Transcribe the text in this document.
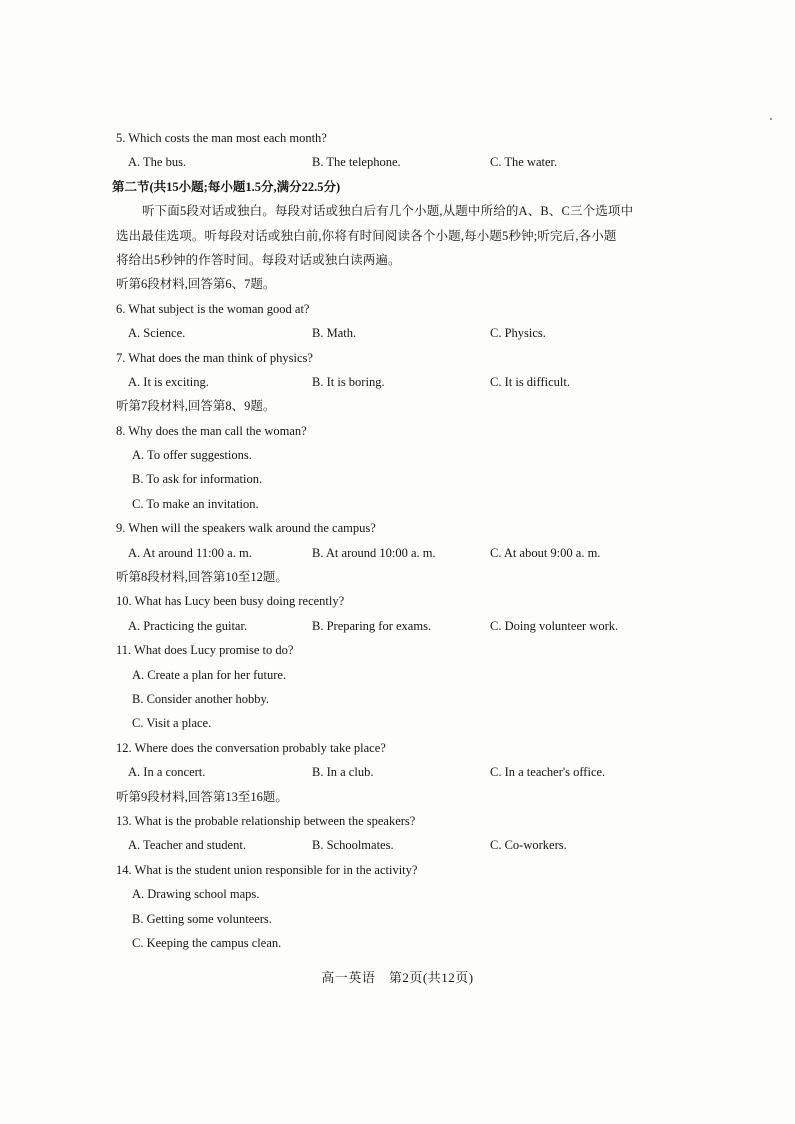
5. Which costs the man most each month?
A. The bus.	B. The telephone.	C. The water.
第二节(共15小题;每小题1.5分,满分22.5分)
听下面5段对话或独白。每段对话或独白后有几个小题,从题中所给的A、B、C三个选项中
选出最佳选项。听每段对话或独白前,你将有时间阅读各个小题,每小题5秒钟;听完后,各小题
将给出5秒钟的作答时间。每段对话或独白读两遍。
听第6段材料,回答第6、7题。
6. What subject is the woman good at?
A. Science.	B. Math.	C. Physics.
7. What does the man think of physics?
A. It is exciting.	B. It is boring.	C. It is difficult.
听第7段材料,回答第8、9题。
8. Why does the man call the woman?
A. To offer suggestions.
B. To ask for information.
C. To make an invitation.
9. When will the speakers walk around the campus?
A. At around 11:00 a. m.	B. At around 10:00 a. m.	C. At about 9:00 a. m.
听第8段材料,回答第10至12题。
10. What has Lucy been busy doing recently?
A. Practicing the guitar.	B. Preparing for exams.	C. Doing volunteer work.
11. What does Lucy promise to do?
A. Create a plan for her future.
B. Consider another hobby.
C. Visit a place.
12. Where does the conversation probably take place?
A. In a concert.	B. In a club.	C. In a teacher's office.
听第9段材料,回答第13至16题。
13. What is the probable relationship between the speakers?
A. Teacher and student.	B. Schoolmates.	C. Co-workers.
14. What is the student union responsible for in the activity?
A. Drawing school maps.
B. Getting some volunteers.
C. Keeping the campus clean.
高一英语　第2页(共12页)
